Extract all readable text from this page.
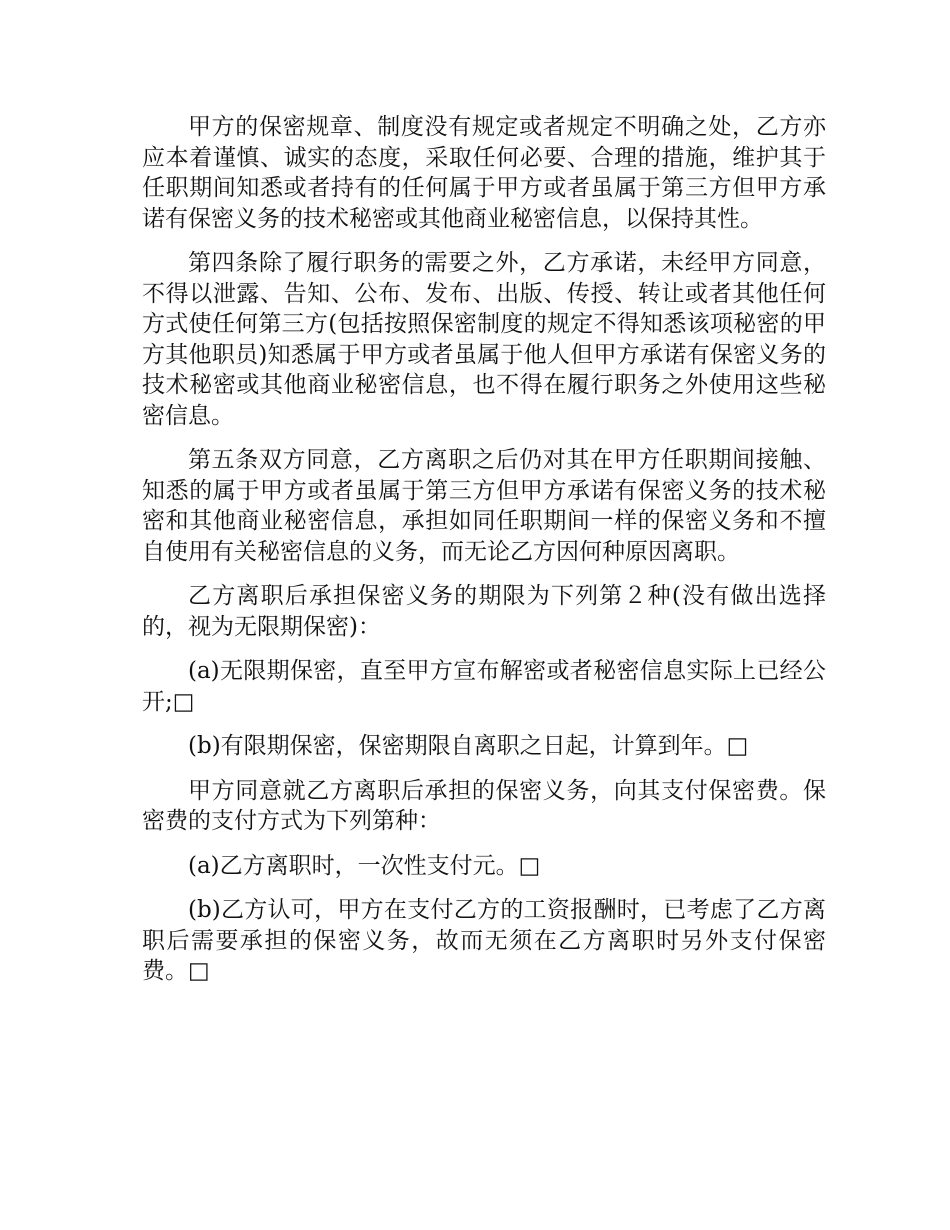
甲方的保密规章、制度没有规定或者规定不明确之处，乙方亦应本着谨慎、诚实的态度，采取任何必要、合理的措施，维护其于任职期间知悉或者持有的任何属于甲方或者虽属于第三方但甲方承诺有保密义务的技术秘密或其他商业秘密信息，以保持其性。

第四条除了履行职务的需要之外，乙方承诺，未经甲方同意，不得以泄露、告知、公布、发布、出版、传授、转让或者其他任何方式使任何第三方(包括按照保密制度的规定不得知悉该项秘密的甲方其他职员)知悉属于甲方或者虽属于他人但甲方承诺有保密义务的技术秘密或其他商业秘密信息，也不得在履行职务之外使用这些秘密信息。

第五条双方同意，乙方离职之后仍对其在甲方任职期间接触、知悉的属于甲方或者虽属于第三方但甲方承诺有保密义务的技术秘密和其他商业秘密信息，承担如同任职期间一样的保密义务和不擅自使用有关秘密信息的义务，而无论乙方因何种原因离职。

乙方离职后承担保密义务的期限为下列第２种(没有做出选择的，视为无限期保密)：

(a)无限期保密，直至甲方宣布解密或者秘密信息实际上已经公开;□

(b)有限期保密，保密期限自离职之日起，计算到年。□

甲方同意就乙方离职后承担的保密义务，向其支付保密费。保密费的支付方式为下列第种：

(a)乙方离职时，一次性支付元。□

(b)乙方认可，甲方在支付乙方的工资报酬时，已考虑了乙方离职后需要承担的保密义务，故而无须在乙方离职时另外支付保密费。□
